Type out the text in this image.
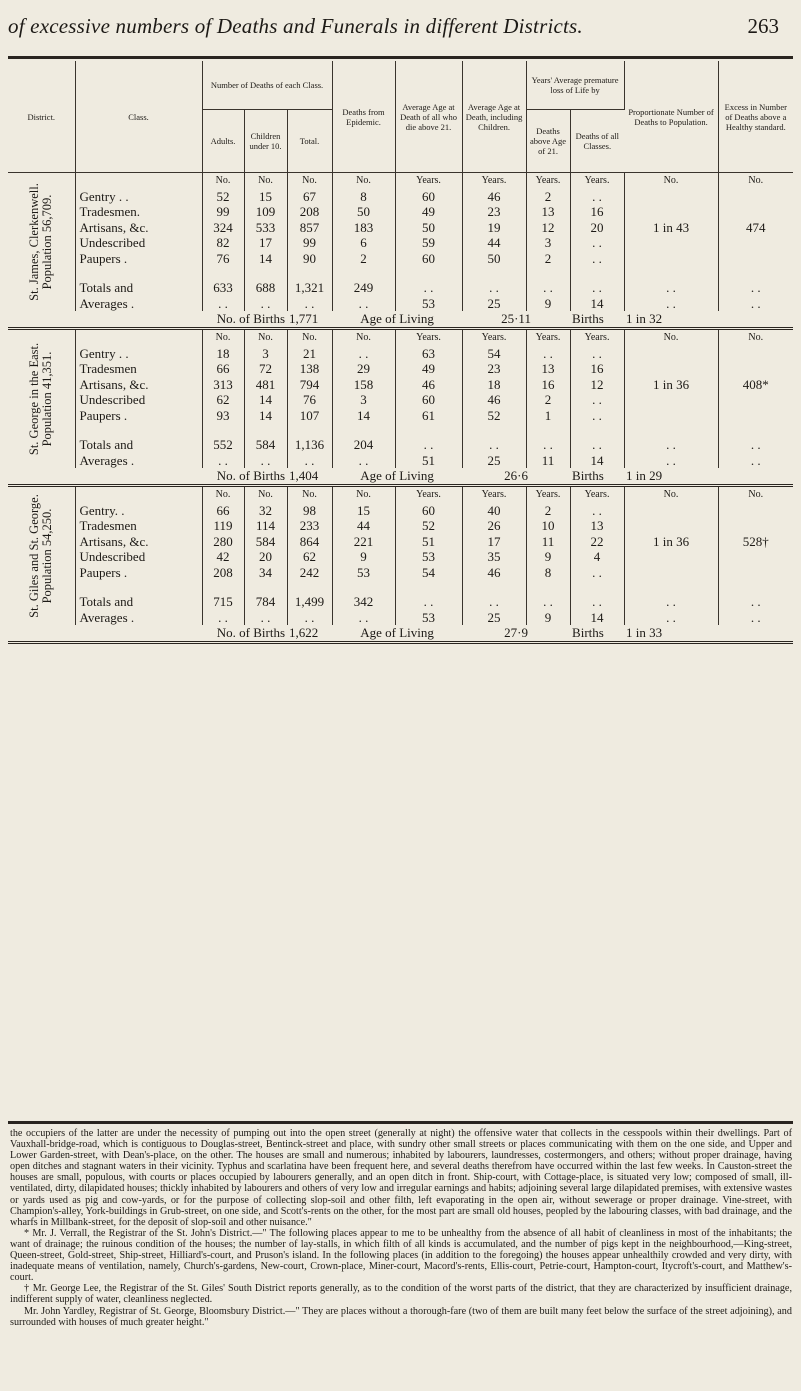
of excessive numbers of Deaths and Funerals in different Districts.	263
District.	Class.	Number of Deaths of each Class.			Deaths from Epidemic.	Average Age at Death of all who die above 21.	Average Age at Death, including Children.	Years' Average premature loss of Life by		Proportionate Number of Deaths to Population.	Excess in Number of Deaths above a Healthy standard.
		Adults.	Children under 10.	Total.				Deaths above Age of 21.	Deaths of all Classes.		

St. James, Clerkenwell. Population 56,709.		No.	No.	No.	No.	Years.	Years.	Years.	Years.	No.	No.
	Gentry . .	52	15	67	8	60	46	2	. .	1 in 43	474
	Tradesmen.	99	109	208	50	49	23	13	16		
	Artisans, &c.	324	533	857	183	50	19	12	20		
	Undescribed	82	17	99	6	59	44	3	. .		
	Paupers .	76	14	90	2	60	50	2	. .		

	Totals and	633	688	1,321	249	. .	. .	. .	. .	. .	. .
	Averages .	. .	. .	. .	. .	53	25	9	14	. .	. .
	No. of Births			1,771	Age of Living		25·11		Births	1 in 32	

St. George in the East. Population 41,351.		No.	No.	No.	No.	Years.	Years.	Years.	Years.	No.	No.
	Gentry . .	18	3	21	. .	63	54	. .	. .	1 in 36	408*
	Tradesmen	66	72	138	29	49	23	13	16		
	Artisans, &c.	313	481	794	158	46	18	16	12		
	Undescribed	62	14	76	3	60	46	2	. .		
	Paupers .	93	14	107	14	61	52	1	. .		

	Totals and	552	584	1,136	204	. .	. .	. .	. .	. .	. .
	Averages .	. .	. .	. .	. .	51	25	11	14	. .	. .
	No. of Births			1,404	Age of Living		26·6		Births	1 in 29	

St. Giles and St. George. Population 54,250.		No.	No.	No.	No.	Years.	Years.	Years.	Years.	No.	No.
	Gentry. .	66	32	98	15	60	40	2	. .	1 in 36	528†
	Tradesmen	119	114	233	44	52	26	10	13		
	Artisans, &c.	280	584	864	221	51	17	11	22		
	Undescribed	42	20	62	9	53	35	9	4		
	Paupers .	208	34	242	53	54	46	8	. .		

	Totals and	715	784	1,499	342	. .	. .	. .	. .	. .	. .
	Averages .	. .	. .	. .	. .	53	25	9	14	. .	. .
	No. of Births			1,622	Age of Living		27·9		Births	1 in 33	

the occupiers of the latter are under the necessity of pumping out into the open street (generally at night) the offensive water that collects in the cesspools within their dwellings. Part of Vauxhall-bridge-road, which is contiguous to Douglas-street, Bentinck-street and place, with sundry other small streets or places communicating with them on the one side, and Upper and Lower Garden-street, with Dean's-place, on the other. The houses are small and numerous; inhabited by labourers, laundresses, costermongers, and others; without proper drainage, having open ditches and stagnant waters in their vicinity. Typhus and scarlatina have been frequent here, and several deaths therefrom have occurred within the last few weeks. In Causton-street the houses are small, populous, with courts or places occupied by labourers generally, and an open ditch in front. Ship-court, with Cottage-place, is situated very low; composed of small, ill-ventilated, dirty, dilapidated houses; thickly inhabited by labourers and others of very low and irregular earnings and habits; adjoining several large dilapidated premises, with extensive wastes or yards used as pig and cow-yards, or for the purpose of collecting slop-soil and other filth, left evaporating in the open air, without sewerage or proper drainage. Vine-street, with Champion's-alley, York-buildings in Grub-street, on one side, and Scott's-rents on the other, for the most part are small old houses, peopled by the labouring classes, with bad drainage, and the wharfs in Millbank-street, for the deposit of slop-soil and other nuisance."

* Mr. J. Verrall, the Registrar of the St. John's District.—" The following places appear to me to be unhealthy from the absence of all habit of cleanliness in most of the inhabitants; the want of drainage; the ruinous condition of the houses; the number of lay-stalls, in which filth of all kinds is accumulated, and the number of pigs kept in the neighbourhood,—King-street, Queen-street, Gold-street, Ship-street, Hilliard's-court, and Pruson's island. In the following places (in addition to the foregoing) the houses appear unhealthily crowded and very dirty, with inadequate means of ventilation, namely, Church's-gardens, New-court, Crown-place, Miner-court, Macord's-rents, Ellis-court, Petrie-court, Hampton-court, Itycroft's-court, and Matthew's-court.

† Mr. George Lee, the Registrar of the St. Giles' South District reports generally, as to the condition of the worst parts of the district, that they are characterized by insufficient drainage, indifferent supply of water, cleanliness neglected.

Mr. John Yardley, Registrar of St. George, Bloomsbury District.—" They are places without a thorough-fare (two of them are built many feet below the surface of the street adjoining), and surrounded with houses of much greater height."
